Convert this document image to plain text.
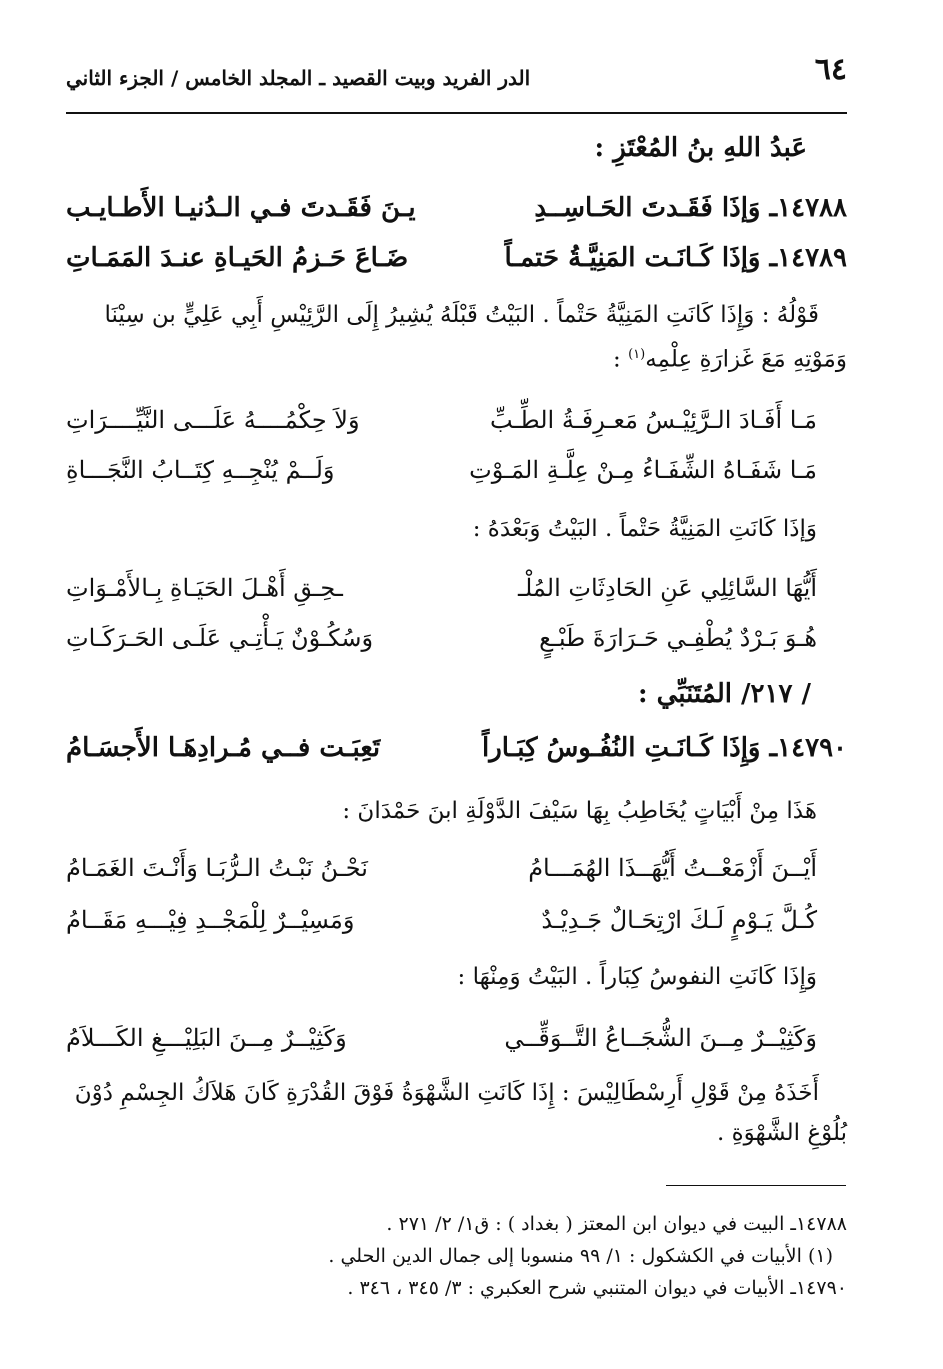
٦٤
الدر الفريد وبيت القصيد ـ المجلد الخامس / الجزء الثاني
عَبدُ اللهِ بنُ المُعْتَزِ :
١٤٧٨٨ـ وَإذَا فَقَـدتَ الحَـاسِــدِ
يـنَ فَقَـدتَ فـي الـدُنيـا الأَطـايـب
١٤٧٨٩ـ وَإذَا كَـانَـت المَنِيَّـةُ حَتمـاً
ضَـاعَ حَـزمُ الحَيـاةِ عنـدَ المَمَـاتِ
قَوْلُهُ : وَإِذَا كَانَتِ المَنِيَّةُ حَتْماً . البَيْتُ قَبْلَهُ يُشِيرُ إِلَى الرَّئِيْسِ أَبِي عَلِيٍّ بن سِيْنَا
وَمَوْتِهِ مَعَ غَزارَةِ عِلْمِه$^{(١)}$ :
مَـا أَفَـادَ الـرَّئِيْـسُ مَعـرِفَـةُ الطِّـبِّ
وَلاَ حِكْمُــــهُ عَلَـــى النَّيِّــــرَاتِ
مَـا شَفَـاهُ الشِّفَـاءُ مِـنْ عِلَّـةِ المَـوْتِ
وَلَــمْ يُنْجِــهِ كِتَــابُ النَّجَـــاةِ
وَإذَا كَانَتِ المَنِيَّةُ حَتْماً . البَيْتُ وَبَعْدَهُ :
أَيُّهَا السَّائِلِي عَنِ الحَادِثَاتِ المُلْـ
ـحِـقِ أَهْـلَ الحَيَـاةِ بِـالأَمْـوَاتِ
هُـوَ بَـرْدٌ يُطْفِـي حَـرَارَةَ طَبْـعٍ
وَسُكُـوْنٌ يَـأْتِـي عَلَـى الحَـرَكَـاتِ
/ ٢١٧/ المُتَنَبِّي :
١٤٧٩٠ـ وَإِذَا كَـانَـتِ النُفُـوسُ كِبَـاراً
تَعِبَـت فــي مُـرادِهَـا الأَجسَـامُ
هَذَا مِنْ أَبْيَاتٍ يُخَاطِبُ بِهَا سَيْفَ الدَّوْلَةِ ابنَ حَمْدَانَ :
أَيْــنَ أَزْمَعْــتُ أَيُّهَــذَا الهُمَـــامُ
نَحْـنُ نَبْـتُ الـرُّبَـا وَأَنْـتَ الغَمَـامُ
كُـلَّ يَـوْمٍ لَـكَ ارْتِحَـالٌ جَـدِيْـدٌ
وَمَسِيْــرٌ لِلْمَجْــدِ فِيْـــهِ مَقَــامُ
وَإِذَا كَانَتِ النفوسُ كِبَاراً . البَيْتُ وَمِنْهَا :
وَكَثِيْــرٌ مِــنَ الشُّجَــاعُ التَّــوَقِّــي
وَكَثِيْــرٌ مِــنَ البَلِيْـــغِ الكَـــلاَمُ
أَخَذَهُ مِنْ قَوْلِ أَرِسْطَالِيْسَ : إِذَا كَانَتِ الشَّهْوَةُ فَوْقَ القُدْرَةِ كَانَ هَلاَكُ الجِسْمِ دُوْنَ
بُلُوْغِ الشَّهْوَةِ .
١٤٧٨٨ـ البيت في ديوان ابن المعتز ( بغداد ) : ق١/ ٢/ ٢٧١ .
(١) الأبيات في الكشكول : ١/ ٩٩ منسوبا إلى جمال الدين الحلي .
١٤٧٩٠ـ الأبيات في ديوان المتنبي شرح العكبري : ٣/ ٣٤٥ ، ٣٤٦ .
